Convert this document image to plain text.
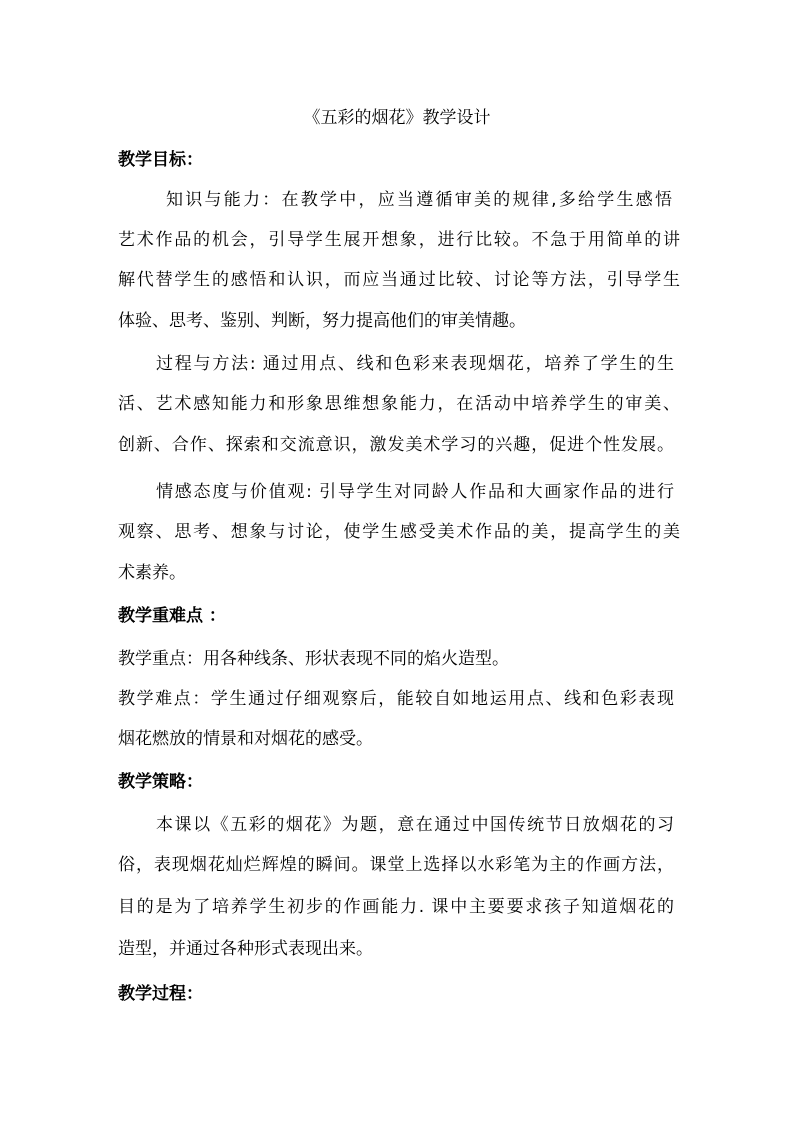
《五彩的烟花》教学设计
教学目标：
知识与能力：在教学中，应当遵循审美的规律,多给学生感悟
艺术作品的机会，引导学生展开想象，进行比较。不急于用简单的讲
解代替学生的感悟和认识，而应当通过比较、讨论等方法，引导学生
体验、思考、鉴别、判断，努力提高他们的审美情趣。
过程与方法: 通过用点、线和色彩来表现烟花，培养了学生的生
活、艺术感知能力和形象思维想象能力，在活动中培养学生的审美、
创新、合作、探索和交流意识，激发美术学习的兴趣，促进个性发展。
情感态度与价值观: 引导学生对同龄人作品和大画家作品的进行
观察、思考、想象与讨论，使学生感受美术作品的美，提高学生的美
术素养。
教学重难点 ：
教学重点：用各种线条、形状表现不同的焰火造型。
教学难点：学生通过仔细观察后，能较自如地运用点、线和色彩表现
烟花燃放的情景和对烟花的感受。
教学策略：
本课以《五彩的烟花》为题，意在通过中国传统节日放烟花的习
俗，表现烟花灿烂辉煌的瞬间。课堂上选择以水彩笔为主的作画方法，
目的是为了培养学生初步的作画能力. 课中主要要求孩子知道烟花的
造型，并通过各种形式表现出来。
教学过程：
